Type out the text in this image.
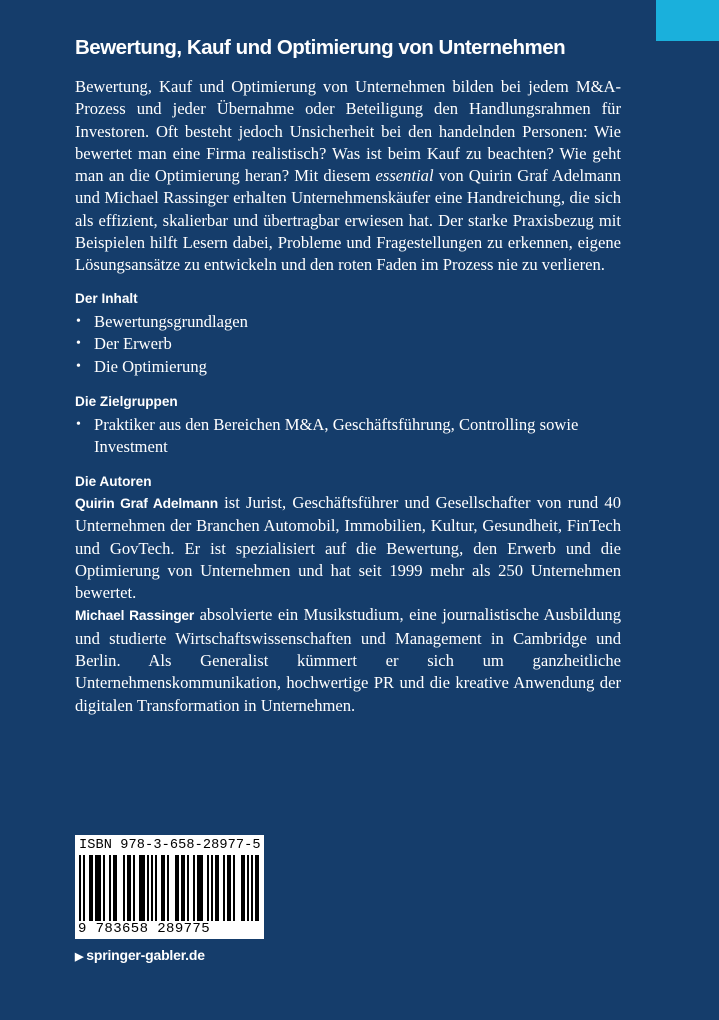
Bewertung, Kauf und Optimierung von Unternehmen

Bewertung, Kauf und Optimierung von Unternehmen bilden bei jedem M&A-Prozess und jeder Übernahme oder Beteiligung den Handlungsrahmen für Investoren. Oft besteht jedoch Unsicherheit bei den handelnden Personen: Wie bewertet man eine Firma realistisch? Was ist beim Kauf zu beachten? Wie geht man an die Optimierung heran? Mit diesem essential von Quirin Graf Adelmann und Michael Rassinger erhalten Unternehmenskäufer eine Handreichung, die sich als effizient, skalierbar und übertragbar erwiesen hat. Der starke Praxisbezug mit Beispielen hilft Lesern dabei, Probleme und Fragestellungen zu erkennen, eigene Lösungsansätze zu entwickeln und den roten Faden im Prozess nie zu verlieren.

Der Inhalt
• Bewertungsgrundlagen
• Der Erwerb
• Die Optimierung
Die Zielgruppen
• Praktiker aus den Bereichen M&A, Geschäftsführung, Controlling sowie Investment
Die Autoren

Quirin Graf Adelmann ist Jurist, Geschäftsführer und Gesellschafter von rund 40 Unternehmen der Branchen Automobil, Immobilien, Kultur, Gesundheit, FinTech und GovTech. Er ist spezialisiert auf die Bewertung, den Erwerb und die Optimierung von Unternehmen und hat seit 1999 mehr als 250 Unternehmen bewertet.
Michael Rassinger absolvierte ein Musikstudium, eine journalistische Ausbildung und studierte Wirtschaftswissenschaften und Management in Cambridge und Berlin. Als Generalist kümmert er sich um ganzheitliche Unternehmenskommunikation, hochwertige PR und die kreative Anwendung der digitalen Transformation in Unternehmen.

ISBN 978-3-658-28977-5
9 783658 289775
▶ springer-gabler.de
